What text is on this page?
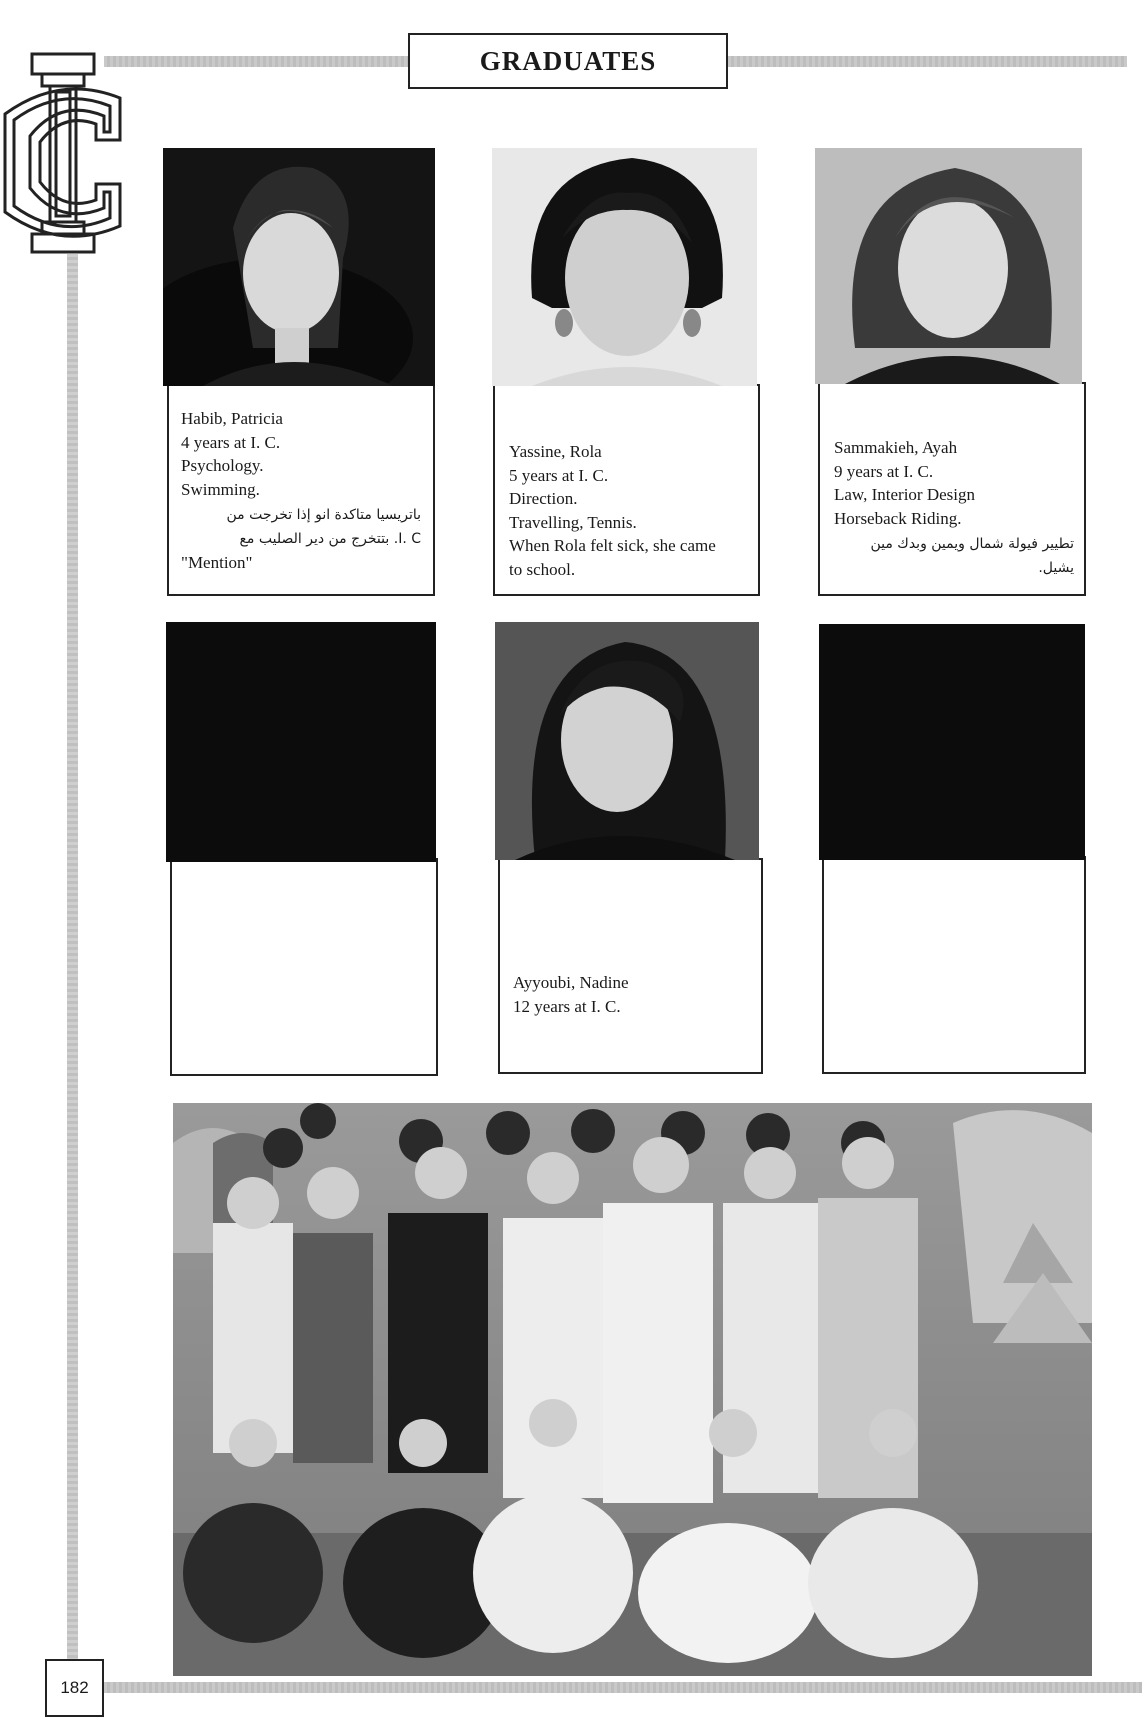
GRADUATES
Habib, Patricia
4 years at I. C.
Psychology.
Swimming.
باتريسيا متاكدة انو إذا تخرجت من
I. C. بتتخرج من دير الصليب مع
"Mention"
Yassine, Rola
5 years at I. C.
Direction.
Travelling, Tennis.
When Rola felt sick, she came
to school.
Sammakieh, Ayah
9 years at I. C.
Law, Interior Design
Horseback Riding.
تطيير فيولة شمال ويمين وبدك مين
يشيل.
Ayyoubi, Nadine
12 years at I. C.
182
